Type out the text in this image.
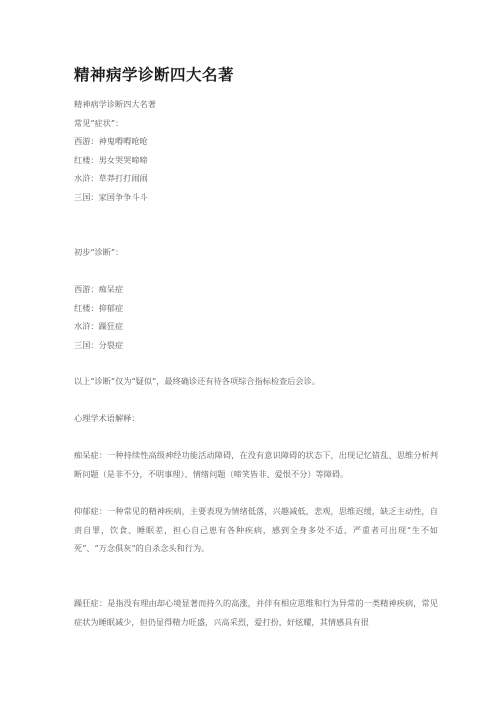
精神病学诊断四大名著
精神病学诊断四大名著
常见“症状”：
西游：神鬼嘚嘚呛呛
红楼：男女哭哭啼啼
水浒：草莽打打闹闹
三国：家国争争斗斗
初步“诊断”：
西游：痴呆症
红楼：抑郁症
水浒：躁狂症
三国：分裂症
以上“诊断”仅为“疑似”，最终确诊还有待各项综合指标检查后会诊。
心理学术语解释：

痴呆症：一种持续性高级神经功能活动障碍，在没有意识障碍的状态下，出现记忆错乱、思维分析判断问题（是非不分，不明事理）、情绪问题（啼笑皆非、爱恨不分）等障碍。

抑郁症：一种常见的精神疾病，主要表现为情绪低落，兴趣减低，悲观，思维迟缓，缺乏主动性，自责自罪，饮食、睡眠差，担心自己患有各种疾病，感到全身多处不适，严重者可出现“生不如死”、“万念俱灰”的自杀念头和行为。

躁狂症：是指没有理由却心境显著而持久的高涨，并伴有相应思维和行为异常的一类精神疾病，常见症状为睡眠减少，但仍显得精力旺盛，兴高采烈，爱打扮，好炫耀，其情感具有很
